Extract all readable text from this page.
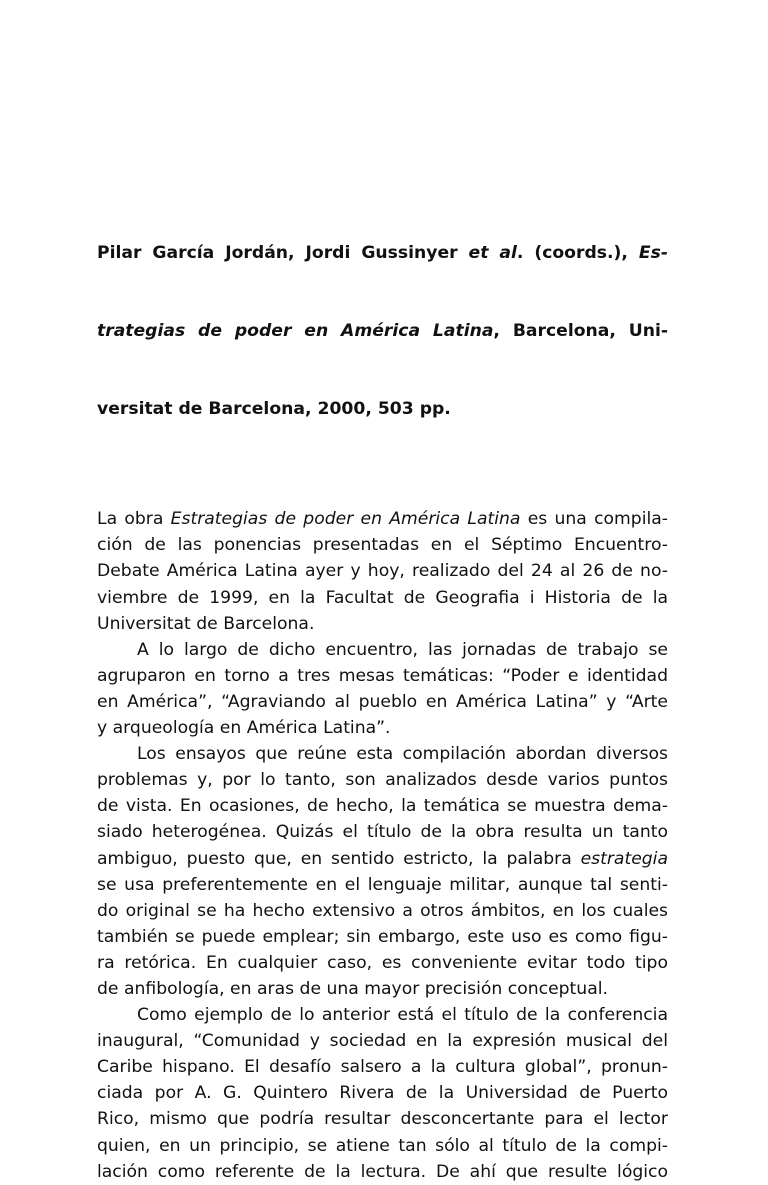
Pilar García Jordán, Jordi Gussinyer et al. (coords.), Es-

trategias de poder en América Latina, Barcelona, Uni-

versitat de Barcelona, 2000, 503 pp.

La obra Estrategias de poder en América Latina es una compila-
ción de las ponencias presentadas en el Séptimo Encuentro-
Debate América Latina ayer y hoy, realizado del 24 al 26 de no-
viembre de 1999, en la Facultat de Geografia i Historia de la
Universitat de Barcelona.
A lo largo de dicho encuentro, las jornadas de trabajo se
agruparon en torno a tres mesas temáticas: “Poder e identidad
en América”, “Agraviando al pueblo en América Latina” y “Arte
y arqueología en América Latina”.
Los ensayos que reúne esta compilación abordan diversos
problemas y, por lo tanto, son analizados desde varios puntos
de vista. En ocasiones, de hecho, la temática se muestra dema-
siado heterogénea. Quizás el título de la obra resulta un tanto
ambiguo, puesto que, en sentido estricto, la palabra estrategia
se usa preferentemente en el lenguaje militar, aunque tal senti-
do original se ha hecho extensivo a otros ámbitos, en los cuales
también se puede emplear; sin embargo, este uso es como figu-
ra retórica. En cualquier caso, es conveniente evitar todo tipo
de anfibología, en aras de una mayor precisión conceptual.
Como ejemplo de lo anterior está el título de la conferencia
inaugural, “Comunidad y sociedad en la expresión musical del
Caribe hispano. El desafío salsero a la cultura global”, pronun-
ciada por A. G. Quintero Rivera de la Universidad de Puerto
Rico, mismo que podría resultar desconcertante para el lector
quien, en un principio, se atiene tan sólo al título de la compi-
lación como referente de la lectura. De ahí que resulte lógico
